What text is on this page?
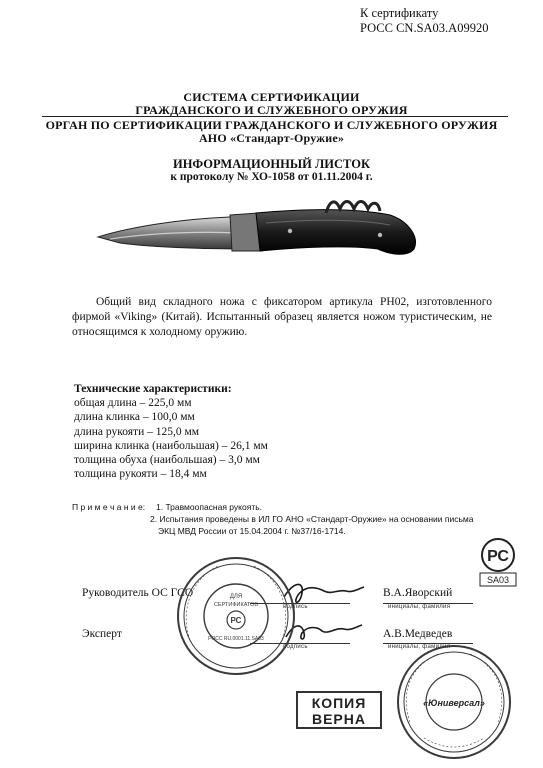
К сертификату
РОСС CN.SA03.A09920
СИСТЕМА СЕРТИФИКАЦИИ
ГРАЖДАНСКОГО И СЛУЖЕБНОГО ОРУЖИЯ
ОРГАН ПО СЕРТИФИКАЦИИ ГРАЖДАНСКОГО И СЛУЖЕБНОГО ОРУЖИЯ
АНО «Стандарт-Оружие»
ИНФОРМАЦИОННЫЙ ЛИСТОК
к протоколу № ХО-1058 от 01.11.2004 г.
Общий вид складного ножа с фиксатором артикула PH02, изготовленного фирмой «Viking» (Китай). Испытанный образец является ножом туристическим, не относящимся к холодному оружию.
Технические характеристики:
общая длина – 225,0 мм
длина клинка – 100,0 мм
длина рукояти – 125,0 мм
ширина клинка (наибольшая) – 26,1 мм
толщина обуха (наибольшая) – 3,0 мм
толщина рукояти – 18,4 мм
П р и м е ч а н и е: 1. Травмоопасная рукоять.
2. Испытания проведены в ИЛ ГО АНО «Стандарт-Оружие» на основании письма
ЭКЦ МВД России от 15.04.2004 г. №37/16-1714.
РС
SA03
Руководитель ОС ГСО
подпись
В.А.Яворский
инициалы, фамилия
Эксперт
подпись
А.В.Медведев
инициалы, фамилия
ДЛЯ
СЕРТИФИКАТОВ
РС
РОСС RU.0001.11.SA03
КОПИЯ
ВЕРНА
«Юниверсал»
